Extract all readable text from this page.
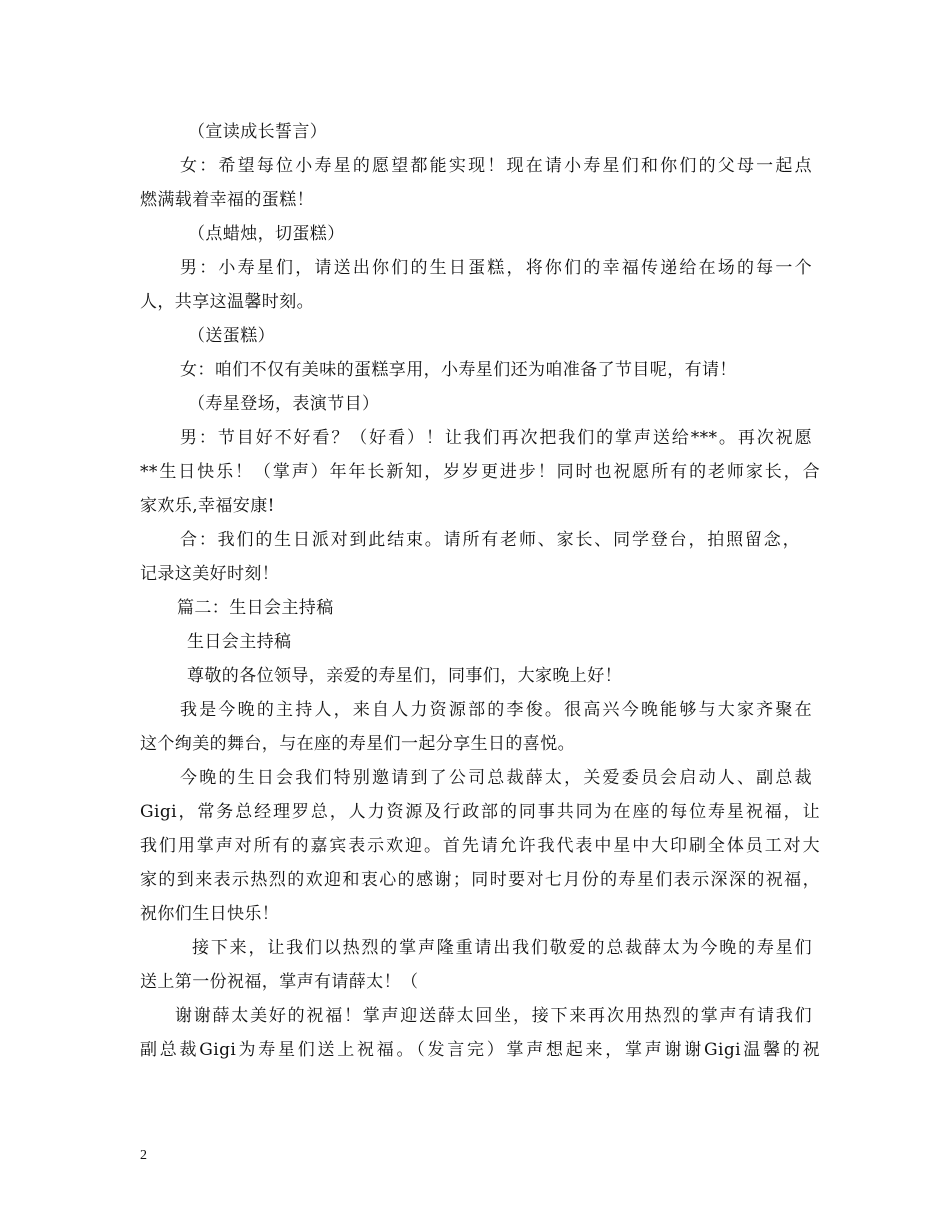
（宣读成长誓言）
女：希望每位小寿星的愿望都能实现！现在请小寿星们和你们的父母一起点
燃满载着幸福的蛋糕！
（点蜡烛，切蛋糕）
男：小寿星们，请送出你们的生日蛋糕，将你们的幸福传递给在场的每一个
人，共享这温馨时刻。
（送蛋糕）
女：咱们不仅有美味的蛋糕享用，小寿星们还为咱准备了节目呢，有请！
（寿星登场，表演节目）
男：节目好不好看？（好看）！让我们再次把我们的掌声送给***。再次祝愿
**生日快乐！（掌声）年年长新知，岁岁更进步！同时也祝愿所有的老师家长，合
家欢乐,幸福安康!
合：我们的生日派对到此结束。请所有老师、家长、同学登台，拍照留念，
记录这美好时刻！
篇二：生日会主持稿
生日会主持稿
尊敬的各位领导，亲爱的寿星们，同事们，大家晚上好！
我是今晚的主持人，来自人力资源部的李俊。很高兴今晚能够与大家齐聚在
这个绚美的舞台，与在座的寿星们一起分享生日的喜悦。
今晚的生日会我们特别邀请到了公司总裁薛太，关爱委员会启动人、副总裁
Gigi，常务总经理罗总，人力资源及行政部的同事共同为在座的每位寿星祝福，让
我们用掌声对所有的嘉宾表示欢迎。首先请允许我代表中星中大印刷全体员工对大
家的到来表示热烈的欢迎和衷心的感谢；同时要对七月份的寿星们表示深深的祝福，
祝你们生日快乐！
接下来，让我们以热烈的掌声隆重请出我们敬爱的总裁薛太为今晚的寿星们
送上第一份祝福，掌声有请薛太！（
谢谢薛太美好的祝福！掌声迎送薛太回坐，接下来再次用热烈的掌声有请我们
副总裁Gigi为寿星们送上祝福。（发言完）掌声想起来，掌声谢谢Gigi温馨的祝
2
